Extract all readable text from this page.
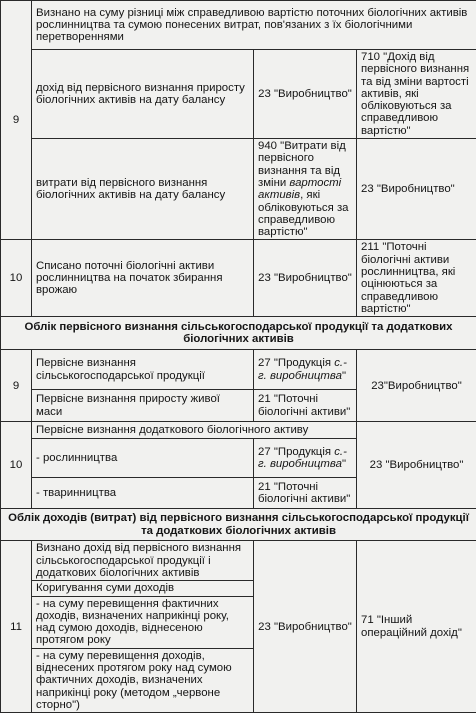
9	Визнано на суму різниці між справедливою вартістю поточних біологічних активів рослинництва та сумою понесених витрат, пов'язаних з їх біологічними перетвореннями		
	дохід від первісного визнання приросту біологічних активів на дату балансу	23 "Виробництво"	710 "Дохід від первісного визнання та від зміни вартості активів, які обліковуються за справедливою вартістю"
	витрати від первісного визнання біологічних активів на дату балансу	940 "Витрати від первісного визнання та від зміни вартості активів, які обліковуються за справедливою вартістю"	23 "Виробництво"
10	Списано поточні біологічні активи рослинництва на початок збирання врожаю	23 "Виробництво"	211 "Поточні біологічні активи рослинництва, які оцінюються за справедливою вартістю"
Облік первісного визнання сільськогосподарської продукції та додаткових біологічних активів			
9	Первісне визнання сільськогосподарської продукції	27 "Продукція с.-г. виробництва"	23"Виробництво"
	Первісне визнання приросту живої маси	21 "Поточні біологічні активи"	
10	Первісне визнання додаткового біологічного активу		23 "Виробництво"
	- рослинництва	27 "Продукція с.-г. виробництва"	
	- тваринництва	21 "Поточні біологічні активи"	
Облік доходів (витрат) від первісного визнання сільськогосподарської продукції та додаткових біологічних активів			
11	Визнано дохід від первісного визнання сільськогосподарської продукції і додаткових біологічних активів	23 "Виробництво"	71 "Інший операційний дохід"
	Коригування суми доходів		
	- на суму перевищення фактичних доходів, визначених наприкінці року, над сумою доходів, віднесеною протягом року		
	- на суму перевищення доходів, віднесених протягом року над сумою фактичних доходів, визначених наприкінці року (методом „червоне сторно")		
